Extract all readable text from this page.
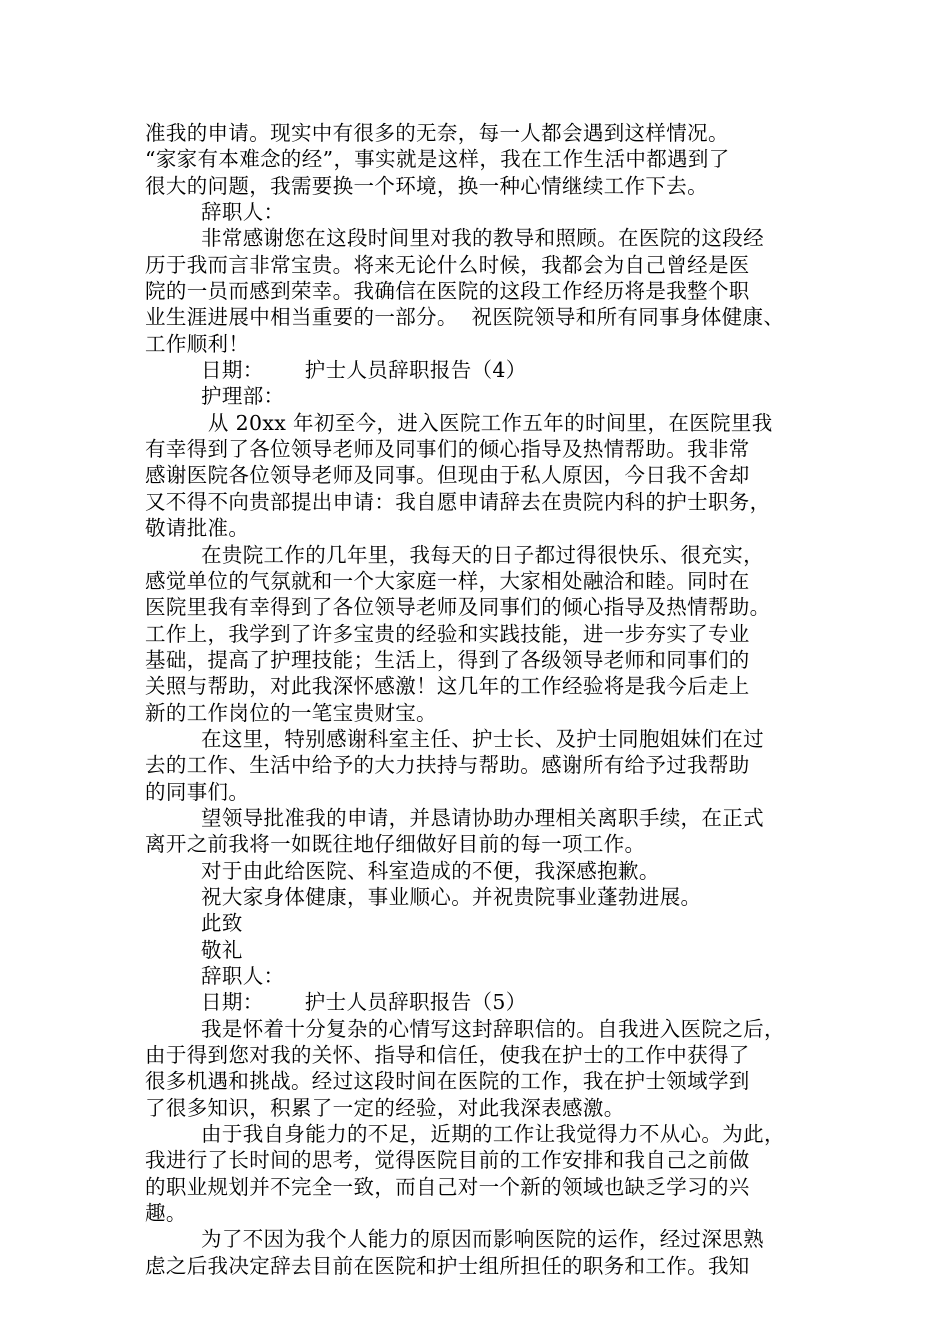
准我的申请。现实中有很多的无奈，每一人都会遇到这样情况。
“家家有本难念的经”，事实就是这样，我在工作生活中都遇到了
很大的问题，我需要换一个环境，换一种心情继续工作下去。
辞职人：
非常感谢您在这段时间里对我的教导和照顾。在医院的这段经
历于我而言非常宝贵。将来无论什么时候，我都会为自己曾经是医
院的一员而感到荣幸。我确信在医院的这段工作经历将是我整个职
业生涯进展中相当重要的一部分。  祝医院领导和所有同事身体健康、
工作顺利！
日期：      护士人员辞职报告（4）
护理部：
从 20xx 年初至今，进入医院工作五年的时间里，在医院里我
有幸得到了各位领导老师及同事们的倾心指导及热情帮助。我非常
感谢医院各位领导老师及同事。但现由于私人原因，今日我不舍却
又不得不向贵部提出申请：我自愿申请辞去在贵院内科的护士职务，
敬请批准。
在贵院工作的几年里，我每天的日子都过得很快乐、很充实，
感觉单位的气氛就和一个大家庭一样，大家相处融洽和睦。同时在
医院里我有幸得到了各位领导老师及同事们的倾心指导及热情帮助。
工作上，我学到了许多宝贵的经验和实践技能，进一步夯实了专业
基础，提高了护理技能；生活上，得到了各级领导老师和同事们的
关照与帮助，对此我深怀感激！这几年的工作经验将是我今后走上
新的工作岗位的一笔宝贵财宝。
在这里，特别感谢科室主任、护士长、及护士同胞姐妹们在过
去的工作、生活中给予的大力扶持与帮助。感谢所有给予过我帮助
的同事们。
望领导批准我的申请，并恳请协助办理相关离职手续，在正式
离开之前我将一如既往地仔细做好目前的每一项工作。
对于由此给医院、科室造成的不便，我深感抱歉。
祝大家身体健康，事业顺心。并祝贵院事业蓬勃进展。
此致
敬礼
辞职人：
日期：      护士人员辞职报告（5）
我是怀着十分复杂的心情写这封辞职信的。自我进入医院之后，
由于得到您对我的关怀、指导和信任，使我在护士的工作中获得了
很多机遇和挑战。经过这段时间在医院的工作，我在护士领域学到
了很多知识，积累了一定的经验，对此我深表感激。
由于我自身能力的不足，近期的工作让我觉得力不从心。为此，
我进行了长时间的思考，觉得医院目前的工作安排和我自己之前做
的职业规划并不完全一致，而自己对一个新的领域也缺乏学习的兴
趣。
为了不因为我个人能力的原因而影响医院的运作，经过深思熟
虑之后我决定辞去目前在医院和护士组所担任的职务和工作。我知
